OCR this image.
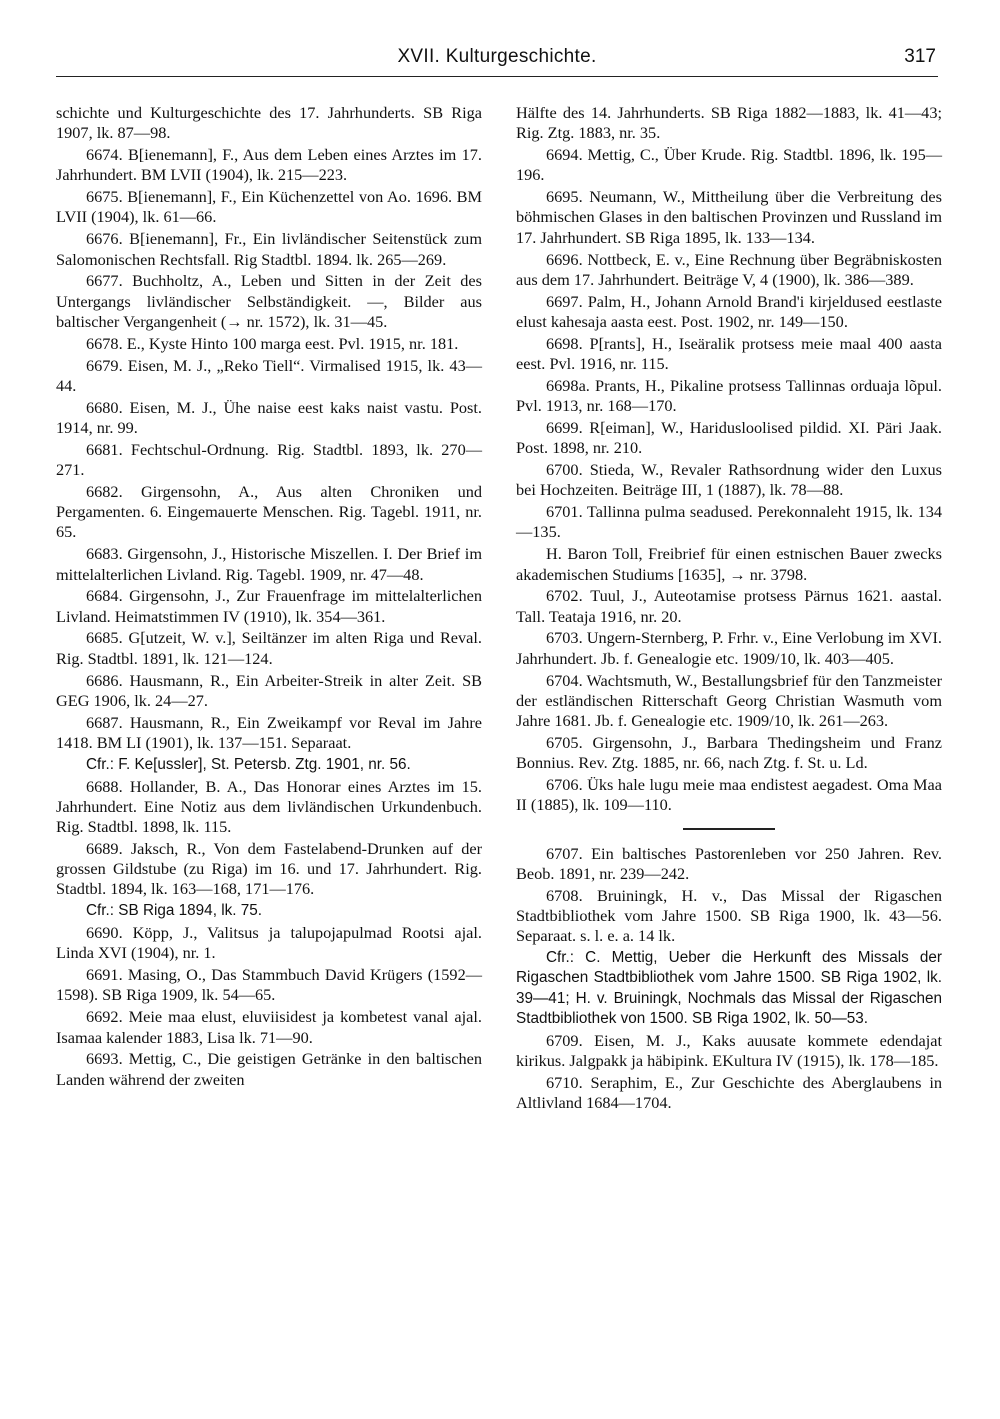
XVII. Kulturgeschichte.	317

schichte und Kulturgeschichte des 17. Jahrhunderts. SB Riga 1907, lk. 87—98.

6674. B[ienemann], F., Aus dem Leben eines Arztes im 17. Jahrhundert. BM LVII (1904), lk. 215—223.

6675. B[ienemann], F., Ein Küchenzettel von Ao. 1696. BM LVII (1904), lk. 61—66.

6676. B[ienemann], Fr., Ein livländischer Seitenstück zum Salomonischen Rechtsfall. Rig Stadtbl. 1894. lk. 265—269.

6677. Buchholtz, A., Leben und Sitten in der Zeit des Untergangs livländischer Selbständigkeit. —, Bilder aus baltischer Vergangenheit (→ nr. 1572), lk. 31—45.

6678. E., Kyste Hinto 100 marga eest. Pvl. 1915, nr. 181.

6679. Eisen, M. J., „Reko Tiell“. Virmalised 1915, lk. 43—44.

6680. Eisen, M. J., Ühe naise eest kaks naist vastu. Post. 1914, nr. 99.

6681. Fechtschul-Ordnung. Rig. Stadtbl. 1893, lk. 270—271.

6682. Girgensohn, A., Aus alten Chroniken und Pergamenten. 6. Eingemauerte Menschen. Rig. Tagebl. 1911, nr. 65.

6683. Girgensohn, J., Historische Miszellen. I. Der Brief im mittelalterlichen Livland. Rig. Tagebl. 1909, nr. 47—48.

6684. Girgensohn, J., Zur Frauenfrage im mittelalterlichen Livland. Heimatstimmen IV (1910), lk. 354—361.

6685. G[utzeit, W. v.], Seiltänzer im alten Riga und Reval. Rig. Stadtbl. 1891, lk. 121—124.

6686. Hausmann, R., Ein Arbeiter-Streik in alter Zeit. SB GEG 1906, lk. 24—27.

6687. Hausmann, R., Ein Zweikampf vor Reval im Jahre 1418. BM LI (1901), lk. 137—151. Separaat.

Cfr.: F. Ke[ussler], St. Petersb. Ztg. 1901, nr. 56.

6688. Hollander, B. A., Das Honorar eines Arztes im 15. Jahrhundert. Eine Notiz aus dem livländischen Urkundenbuch. Rig. Stadtbl. 1898, lk. 115.

6689. Jaksch, R., Von dem Fastelabend-Drunken auf der grossen Gildstube (zu Riga) im 16. und 17. Jahrhundert. Rig. Stadtbl. 1894, lk. 163—168, 171—176.

Cfr.: SB Riga 1894, lk. 75.

6690. Köpp, J., Valitsus ja talupojapulmad Rootsi ajal. Linda XVI (1904), nr. 1.

6691. Masing, O., Das Stammbuch David Krügers (1592—1598). SB Riga 1909, lk. 54—65.

6692. Meie maa elust, eluviisidest ja kombetest vanal ajal. Isamaa kalender 1883, Lisa lk. 71—90.

6693. Mettig, C., Die geistigen Getränke in den baltischen Landen während der zweiten

Hälfte des 14. Jahrhunderts. SB Riga 1882—1883, lk. 41—43; Rig. Ztg. 1883, nr. 35.

6694. Mettig, C., Über Krude. Rig. Stadtbl. 1896, lk. 195—196.

6695. Neumann, W., Mittheilung über die Verbreitung des böhmischen Glases in den baltischen Provinzen und Russland im 17. Jahrhundert. SB Riga 1895, lk. 133—134.

6696. Nottbeck, E. v., Eine Rechnung über Begräbniskosten aus dem 17. Jahrhundert. Beiträge V, 4 (1900), lk. 386—389.

6697. Palm, H., Johann Arnold Brand'i kirjeldused eestlaste elust kahesaja aasta eest. Post. 1902, nr. 149—150.

6698. P[rants], H., Iseäralik protsess meie maal 400 aasta eest. Pvl. 1916, nr. 115.

6698a. Prants, H., Pikaline protsess Tallinnas orduaja lõpul. Pvl. 1913, nr. 168—170.

6699. R[eiman], W., Haridusloolised pildid. XI. Päri Jaak. Post. 1898, nr. 210.

6700. Stieda, W., Revaler Rathsordnung wider den Luxus bei Hochzeiten. Beiträge III, 1 (1887), lk. 78—88.

6701. Tallinna pulma seadused. Perekonnaleht 1915, lk. 134—135.

H. Baron Toll, Freibrief für einen estnischen Bauer zwecks akademischen Studiums [1635], → nr. 3798.

6702. Tuul, J., Auteotamise protsess Pärnus 1621. aastal. Tall. Teataja 1916, nr. 20.

6703. Ungern-Sternberg, P. Frhr. v., Eine Verlobung im XVI. Jahrhundert. Jb. f. Genealogie etc. 1909/10, lk. 403—405.

6704. Wachtsmuth, W., Bestallungsbrief für den Tanzmeister der estländischen Ritterschaft Georg Christian Wasmuth vom Jahre 1681. Jb. f. Genealogie etc. 1909/10, lk. 261—263.

6705. Girgensohn, J., Barbara Thedingsheim und Franz Bonnius. Rev. Ztg. 1885, nr. 66, nach Ztg. f. St. u. Ld.

6706. Üks hale lugu meie maa endistest aegadest. Oma Maa II (1885), lk. 109—110.

6707. Ein baltisches Pastorenleben vor 250 Jahren. Rev. Beob. 1891, nr. 239—242.

6708. Bruiningk, H. v., Das Missal der Rigaschen Stadtbibliothek vom Jahre 1500. SB Riga 1900, lk. 43—56. Separaat. s. l. e. a. 14 lk.

Cfr.: C. Mettig, Ueber die Herkunft des Missals der Rigaschen Stadtbibliothek vom Jahre 1500. SB Riga 1902, lk. 39—41; H. v. Bruiningk, Nochmals das Missal der Rigaschen Stadtbibliothek von 1500. SB Riga 1902, lk. 50—53.

6709. Eisen, M. J., Kaks auusate kommete edendajat kirikus. Jalgpakk ja häbipink. EKultura IV (1915), lk. 178—185.

6710. Seraphim, E., Zur Geschichte des Aberglaubens in Altlivland 1684—1704.
